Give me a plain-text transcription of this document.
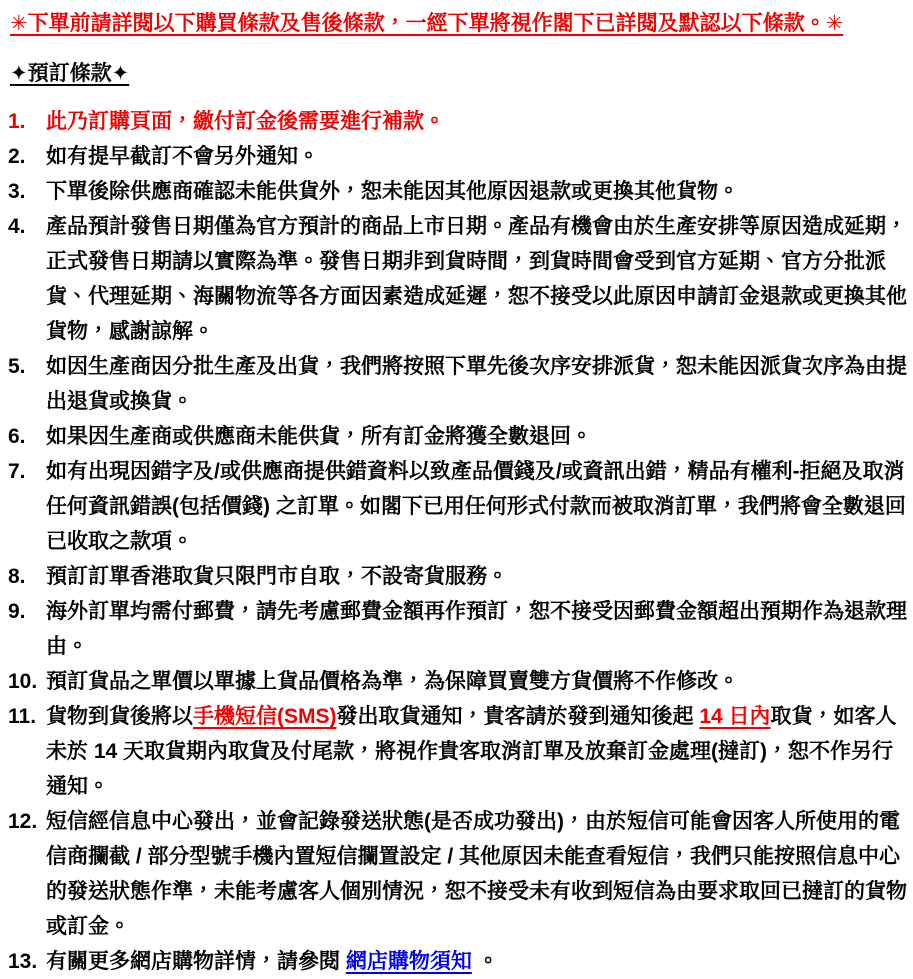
✳下單前請詳閱以下購買條款及售後條款，一經下單將視作閣下已詳閱及默認以下條款。✳
✦預訂條款✦
1. 此乃訂購頁面，繳付訂金後需要進行補款。

2. 如有提早截訂不會另外通知。

3. 下單後除供應商確認未能供貨外，恕未能因其他原因退款或更換其他貨物。

4. 產品預計發售日期僅為官方預計的商品上市日期。產品有機會由於生產安排等原因造成延期，正式發售日期請以實際為準。發售日期非到貨時間，到貨時間會受到官方延期、官方分批派貨、代理延期、海關物流等各方面因素造成延遲，恕不接受以此原因申請訂金退款或更換其他貨物，感謝諒解。

5. 如因生產商因分批生產及出貨，我們將按照下單先後次序安排派貨，恕未能因派貨次序為由提出退貨或換貨。

6. 如果因生產商或供應商未能供貨，所有訂金將獲全數退回。

7. 如有出現因錯字及/或供應商提供錯資料以致產品價錢及/或資訊出錯，精品有權利-拒絕及取消任何資訊錯誤(包括價錢) 之訂單。如閣下已用任何形式付款而被取消訂單，我們將會全數退回已收取之款項。

8. 預訂訂單香港取貨只限門市自取，不設寄貨服務。

9. 海外訂單均需付郵費，請先考慮郵費金額再作預訂，恕不接受因郵費金額超出預期作為退款理由。

10. 預訂貨品之單價以單據上貨品價格為準，為保障買賣雙方貨價將不作修改。

11. 貨物到貨後將以手機短信(SMS)發出取貨通知，貴客請於發到通知後起 14 日內取貨，如客人未於 14 天取貨期內取貨及付尾款，將視作貴客取消訂單及放棄訂金處理(撻訂)，恕不作另行通知。

12. 短信經信息中心發出，並會記錄發送狀態(是否成功發出)，由於短信可能會因客人所使用的電信商攔截 / 部分型號手機內置短信攔置設定 / 其他原因未能查看短信，我們只能按照信息中心的發送狀態作準，未能考慮客人個別情況，恕不接受未有收到短信為由要求取回已撻訂的貨物或訂金。

13. 有關更多網店購物詳情，請參閱 網店購物須知 。
